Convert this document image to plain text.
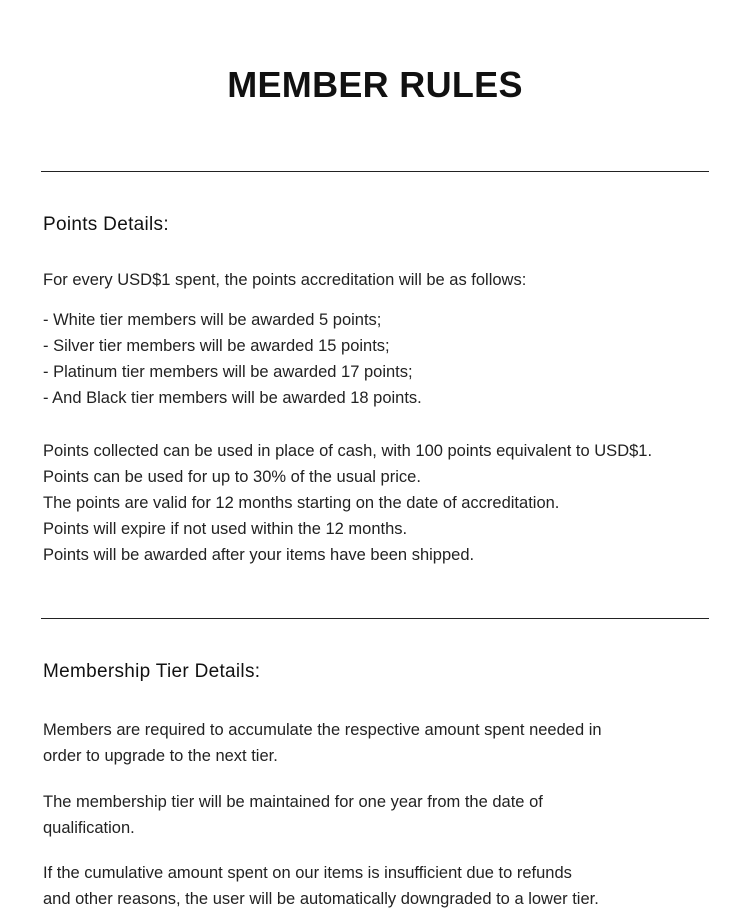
MEMBER RULES
Points Details:

For every USD$1 spent, the points accreditation will be as follows:

- White tier members will be awarded 5 points;
- Silver tier members will be awarded 15 points;
- Platinum tier members will be awarded 17 points;
- And Black tier members will be awarded 18 points.

Points collected can be used in place of cash, with 100 points equivalent to USD$1.
Points can be used for up to 30% of the usual price.
The points are valid for 12 months starting on the date of accreditation.
Points will expire if not used within the 12 months.
Points will be awarded after your items have been shipped.

Membership Tier Details:

Members are required to accumulate the respective amount spent needed in
order to upgrade to the next tier.

The membership tier will be maintained for one year from the date of
qualification.

If the cumulative amount spent on our items is insufficient due to refunds
and other reasons, the user will be automatically downgraded to a lower tier.
